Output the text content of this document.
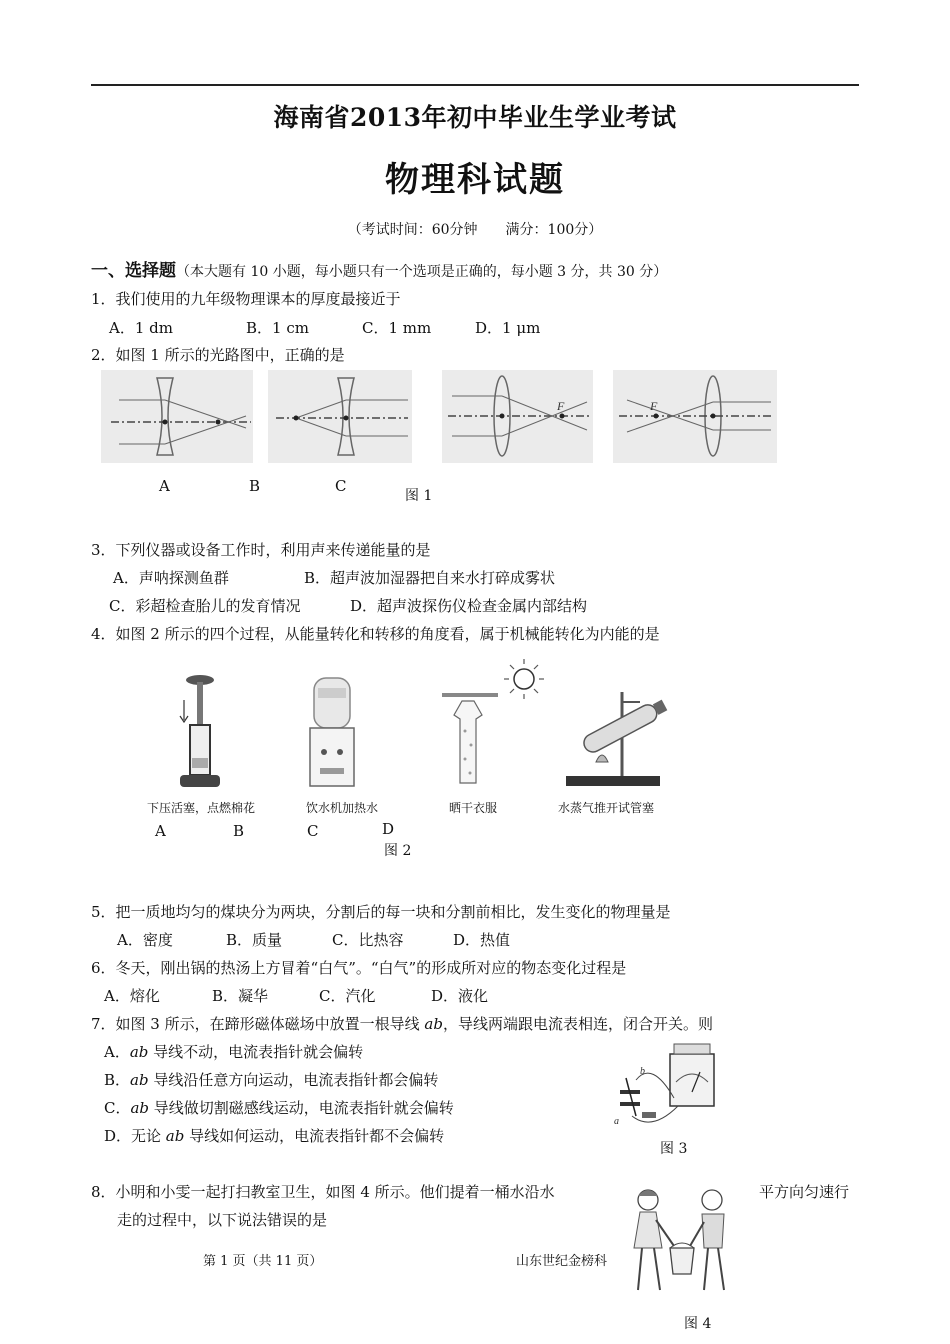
海南省2013年初中毕业生学业考试
物理科试题
（考试时间：60分钟　　满分：100分）
一、选择题（本大题有 10 小题，每小题只有一个选项是正确的，每小题 3 分，共 30 分）
1．我们使用的九年级物理课本的厚度最接近于
A．1 dm	B．1 cm	C．1 mm	D．1 μm
2．如图 1 所示的光路图中，正确的是
F	F
A	B	C
图 1
3．下列仪器或设备工作时，利用声来传递能量的是
A．声呐探测鱼群	B．超声波加湿器把自来水打碎成雾状
C．彩超检查胎儿的发育情况	D．超声波探伤仪检查金属内部结构
4．如图 2 所示的四个过程，从能量转化和转移的角度看，属于机械能转化为内能的是
下压活塞，点燃棉花	饮水机加热水	晒干衣服	水蒸气推开试管塞
A	B	C	D
图 2
5．把一质地均匀的煤块分为两块，分割后的每一块和分割前相比，发生变化的物理量是
A．密度	B．质量	C．比热容	D．热值
6．冬天，刚出锅的热汤上方冒着“白气”。“白气”的形成所对应的物态变化过程是
A．熔化	B．凝华	C．汽化	D．液化
7．如图 3 所示，在蹄形磁体磁场中放置一根导线 ab，导线两端跟电流表相连，闭合开关。则
A．ab 导线不动，电流表指针就会偏转
B．ab 导线沿任意方向运动，电流表指针都会偏转
C．ab 导线做切割磁感线运动，电流表指针就会偏转
D．无论 ab 导线如何运动，电流表指针都不会偏转
a
b
图 3
8．小明和小雯一起打扫教室卫生，如图 4 所示。他们提着一桶水沿水	平方向匀速行
走的过程中，以下说法错误的是
图 4
第 1 页（共 11 页）	山东世纪金榜科
